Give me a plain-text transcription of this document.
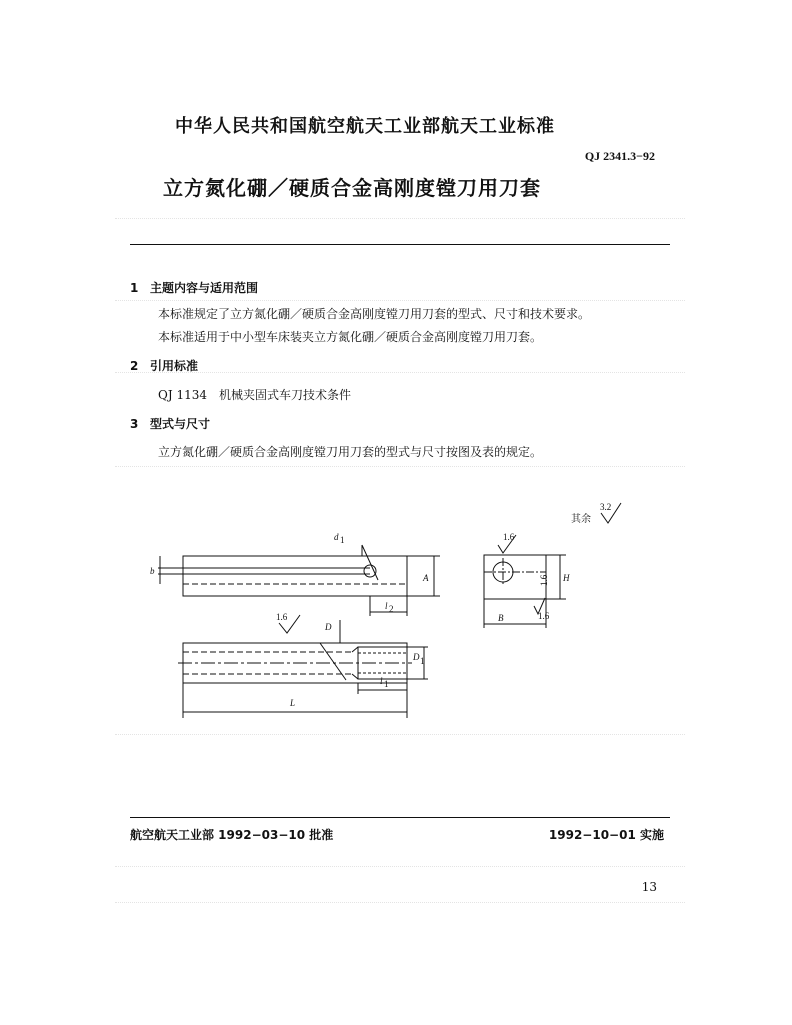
中华人民共和国航空航天工业部航天工业标准
QJ 2341.3−92
立方氮化硼／硬质合金高刚度镗刀用刀套
1 主题内容与适用范围
本标准规定了立方氮化硼／硬质合金高刚度镗刀用刀套的型式、尺寸和技术要求。
本标准适用于中小型车床装夹立方氮化硼／硬质合金高刚度镗刀用刀套。
2 引用标准
QJ 1134　机械夹固式车刀技术条件
3 型式与尺寸
立方氮化硼／硬质合金高刚度镗刀用刀套的型式与尺寸按图及表的规定。
b
d 1
A
l 2
D
D 1
l 1
L
B
H
1.6
1.6
1.6
3.2
1.6
其余
航空航天工业部 1992−03−10 批准	1992−10−01 实施
13
